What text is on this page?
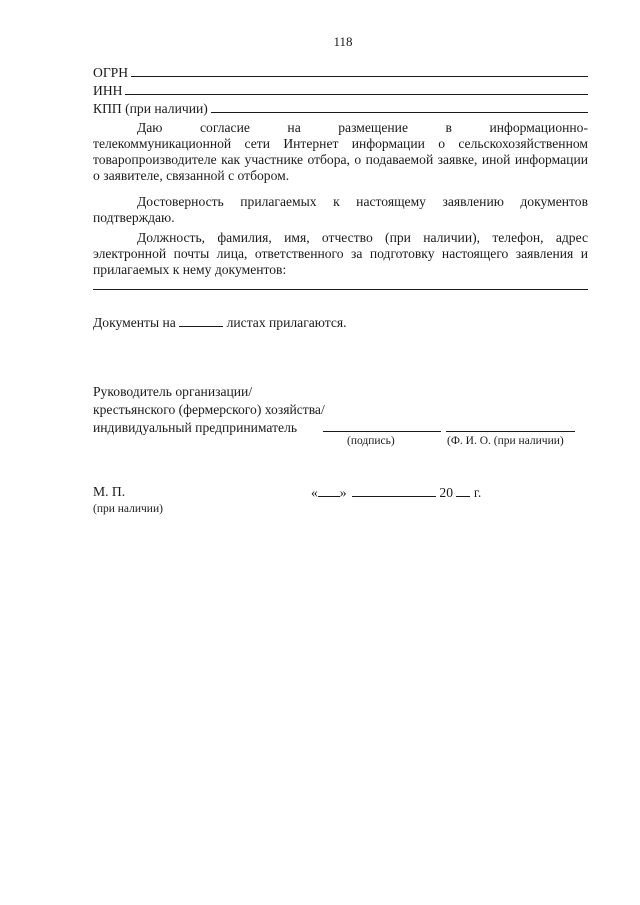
118
ОГРН
ИНН
КПП (при наличии)

Даю согласие на размещение в информационно-

телекоммуникационной сети Интернет информации о сельскохозяйственном товаропроизводителе как участнике отбора, о подаваемой заявке, иной информации о заявителе, связанной с отбором.

Достоверность прилагаемых к настоящему заявлению документов подтверждаю.

Должность, фамилия, имя, отчество (при наличии), телефон, адрес электронной почты лица, ответственного за подготовку настоящего заявления и прилагаемых к нему документов:

Документы на	листах прилагаются.
Руководитель организации/
крестьянского (фермерского) хозяйства/
индивидуальный предприниматель
(подпись)	(Ф. И. О. (при наличии)
М. П.
(при наличии)
« »	20 г.
